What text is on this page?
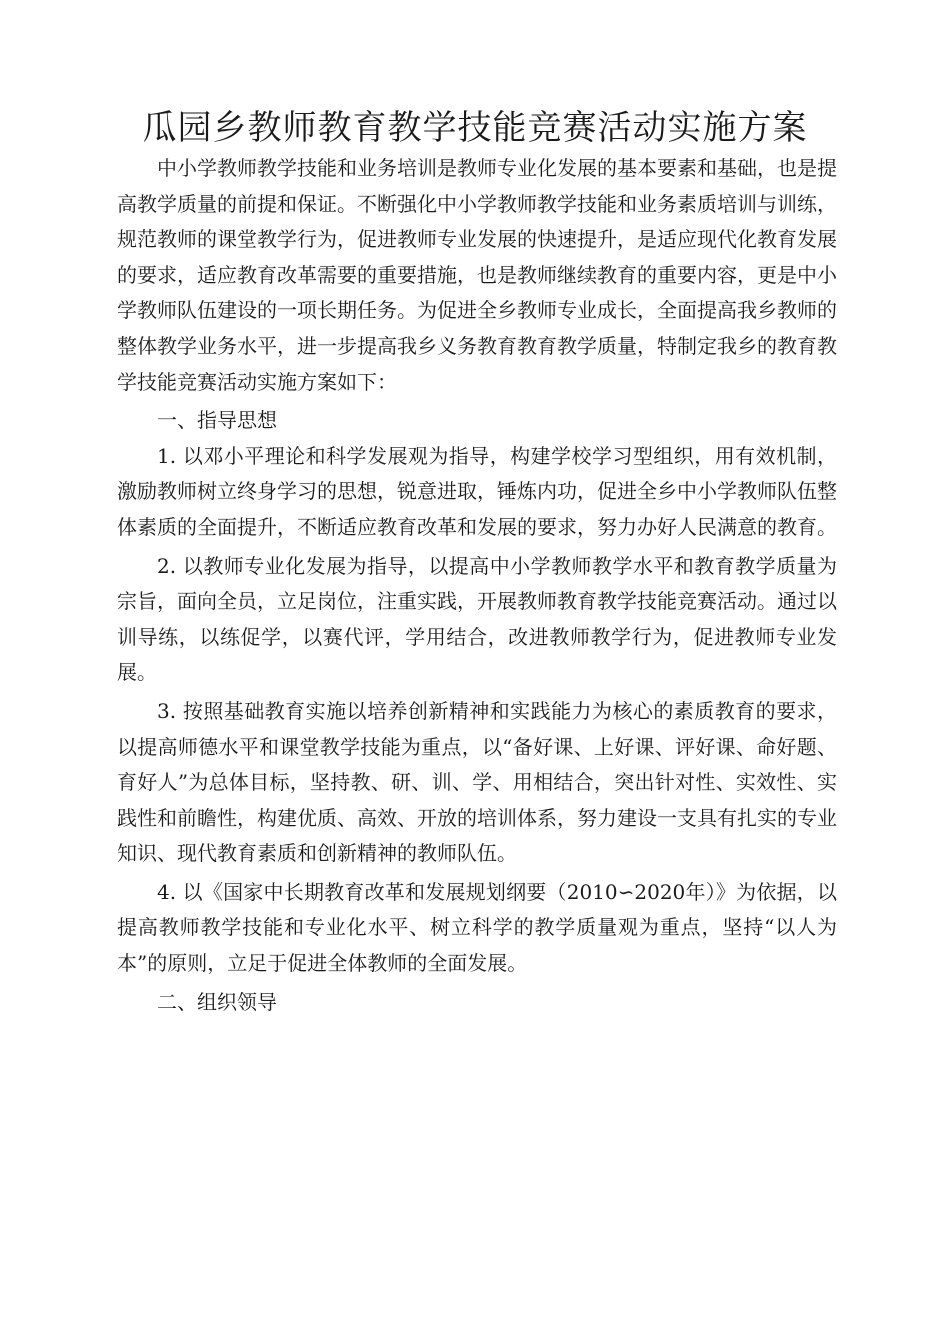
瓜园乡教师教育教学技能竞赛活动实施方案

中小学教师教学技能和业务培训是教师专业化发展的基本要素和基础，也是提高教学质量的前提和保证。不断强化中小学教师教学技能和业务素质培训与训练，规范教师的课堂教学行为，促进教师专业发展的快速提升，是适应现代化教育发展的要求，适应教育改革需要的重要措施，也是教师继续教育的重要内容，更是中小学教师队伍建设的一项长期任务。为促进全乡教师专业成长，全面提高我乡教师的整体教学业务水平，进一步提高我乡义务教育教育教学质量，特制定我乡的教育教学技能竞赛活动实施方案如下：

一、指导思想

1. 以邓小平理论和科学发展观为指导，构建学校学习型组织，用有效机制，激励教师树立终身学习的思想，锐意进取，锤炼内功，促进全乡中小学教师队伍整体素质的全面提升，不断适应教育改革和发展的要求，努力办好人民满意的教育。

2. 以教师专业化发展为指导，以提高中小学教师教学水平和教育教学质量为宗旨，面向全员，立足岗位，注重实践，开展教师教育教学技能竞赛活动。通过以训导练，以练促学，以赛代评，学用结合，改进教师教学行为，促进教师专业发展。

3. 按照基础教育实施以培养创新精神和实践能力为核心的素质教育的要求，以提高师德水平和课堂教学技能为重点，以“备好课、上好课、评好课、命好题、育好人”为总体目标，坚持教、研、训、学、用相结合，突出针对性、实效性、实践性和前瞻性，构建优质、高效、开放的培训体系，努力建设一支具有扎实的专业知识、现代教育素质和创新精神的教师队伍。

4. 以《国家中长期教育改革和发展规划纲要（2010∽2020年）》为依据，以提高教师教学技能和专业化水平、树立科学的教学质量观为重点，坚持“以人为本”的原则，立足于促进全体教师的全面发展。

二、组织领导
